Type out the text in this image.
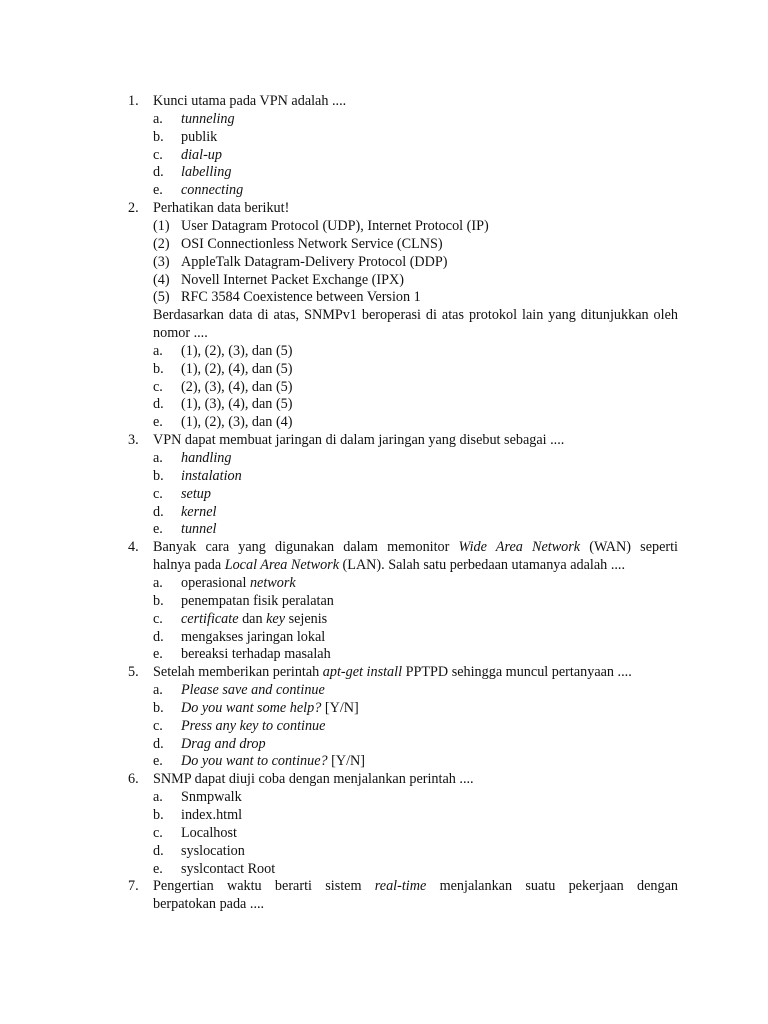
1. Kunci utama pada VPN adalah ....
a. tunneling
b. publik
c. dial-up
d. labelling
e. connecting
2. Perhatikan data berikut!
(1) User Datagram Protocol (UDP), Internet Protocol (IP)
(2) OSI Connectionless Network Service (CLNS)
(3) AppleTalk Datagram-Delivery Protocol (DDP)
(4) Novell Internet Packet Exchange (IPX)
(5) RFC 3584 Coexistence between Version 1
Berdasarkan data di atas, SNMPv1 beroperasi di atas protokol lain yang ditunjukkan oleh nomor ....
a. (1), (2), (3), dan (5)
b. (1), (2), (4), dan (5)
c. (2), (3), (4), dan (5)
d. (1), (3), (4), dan (5)
e. (1), (2), (3), dan (4)
3. VPN dapat membuat jaringan di dalam jaringan yang disebut sebagai ....
a. handling
b. instalation
c. setup
d. kernel
e. tunnel
4. Banyak cara yang digunakan dalam memonitor Wide Area Network (WAN) seperti
halnya pada Local Area Network (LAN). Salah satu perbedaan utamanya adalah ....
a. operasional network
b. penempatan fisik peralatan
c. certificate dan key sejenis
d. mengakses jaringan lokal
e. bereaksi terhadap masalah
5. Setelah memberikan perintah apt-get install PPTPD sehingga muncul pertanyaan ....
a. Please save and continue
b. Do you want some help? [Y/N]
c. Press any key to continue
d. Drag and drop
e. Do you want to continue? [Y/N]
6. SNMP dapat diuji coba dengan menjalankan perintah ....
a. Snmpwalk
b. index.html
c. Localhost
d. syslocation
e. syslcontact Root
7. Pengertian waktu berarti sistem real-time menjalankan suatu pekerjaan dengan
berpatokan pada ....
